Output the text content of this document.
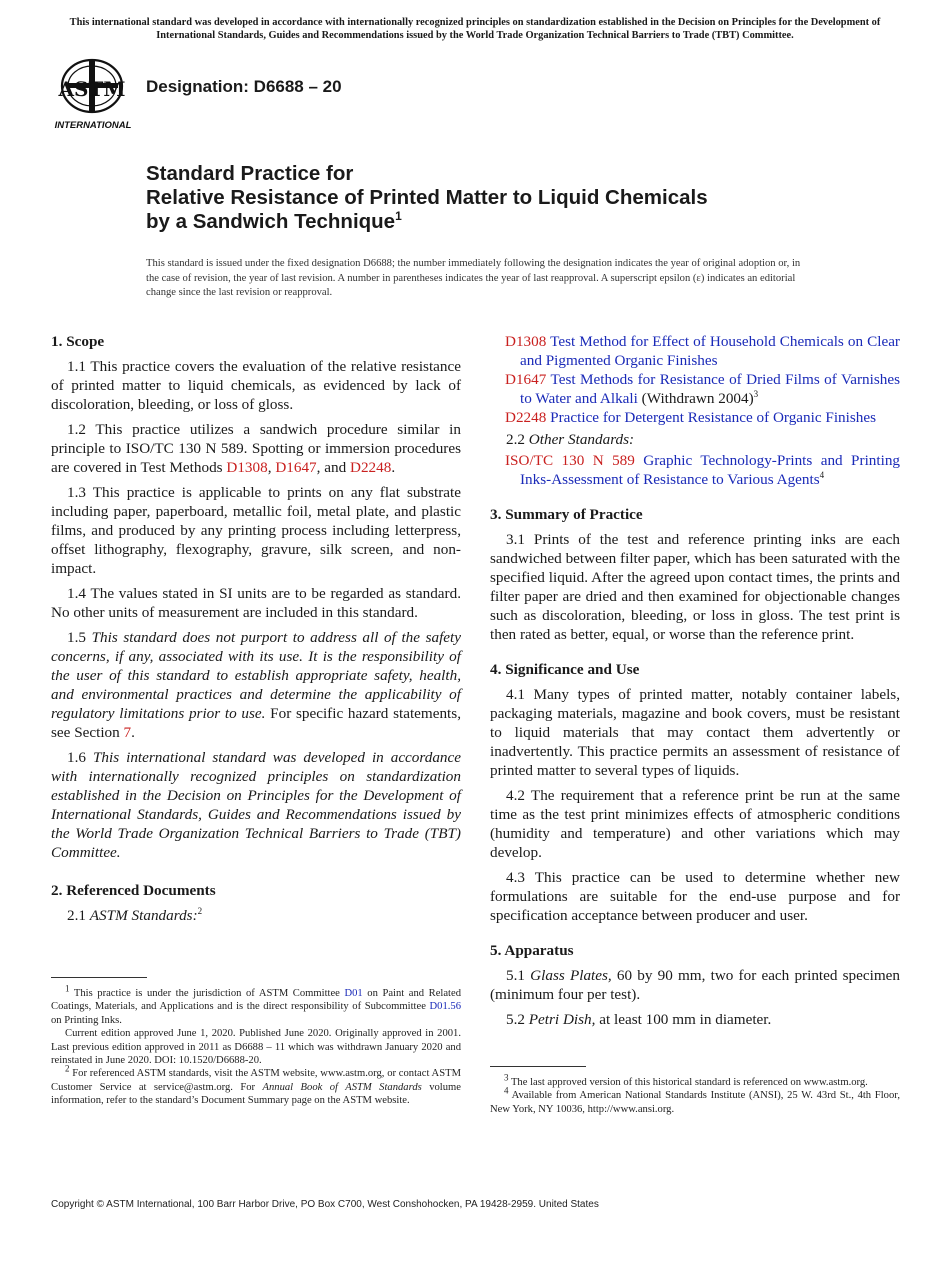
This international standard was developed in accordance with internationally recognized principles on standardization established in the Decision on Principles for the Development of International Standards, Guides and Recommendations issued by the World Trade Organization Technical Barriers to Trade (TBT) Committee.
ASTM
INTERNATIONAL
Designation: D6688 – 20
Standard Practice for
Relative Resistance of Printed Matter to Liquid Chemicals
by a Sandwich Technique$^1$
This standard is issued under the fixed designation D6688; the number immediately following the designation indicates the year of original adoption or, in the case of revision, the year of last revision. A number in parentheses indicates the year of last reapproval. A superscript epsilon (ε) indicates an editorial change since the last revision or reapproval.
1. Scope

1.1 This practice covers the evaluation of the relative resistance of printed matter to liquid chemicals, as evidenced by lack of discoloration, bleeding, or loss of gloss.

1.2 This practice utilizes a sandwich procedure similar in principle to ISO/TC 130 N 589. Spotting or immersion procedures are covered in Test Methods D1308, D1647, and D2248.

1.3 This practice is applicable to prints on any flat substrate including paper, paperboard, metallic foil, metal plate, and plastic films, and produced by any printing process including letterpress, offset lithography, flexography, gravure, silk screen, and non-impact.

1.4 The values stated in SI units are to be regarded as standard. No other units of measurement are included in this standard.

1.5 This standard does not purport to address all of the safety concerns, if any, associated with its use. It is the responsibility of the user of this standard to establish appropriate safety, health, and environmental practices and determine the applicability of regulatory limitations prior to use. For specific hazard statements, see Section 7.

1.6 This international standard was developed in accordance with internationally recognized principles on standardization established in the Decision on Principles for the Development of International Standards, Guides and Recommendations issued by the World Trade Organization Technical Barriers to Trade (TBT) Committee.

2. Referenced Documents

2.1 ASTM Standards:$^2$

D1308 Test Method for Effect of Household Chemicals on Clear and Pigmented Organic Finishes
D1647 Test Methods for Resistance of Dried Films of Varnishes to Water and Alkali (Withdrawn 2004)$^3$
D2248 Practice for Detergent Resistance of Organic Finishes

2.2 Other Standards:

ISO/TC 130 N 589 Graphic Technology-Prints and Printing Inks-Assessment of Resistance to Various Agents$^4$
3. Summary of Practice

3.1 Prints of the test and reference printing inks are each sandwiched between filter paper, which has been saturated with the specified liquid. After the agreed upon contact times, the prints and filter paper are dried and then examined for objectionable changes such as discoloration, bleeding, or loss in gloss. The test print is then rated as better, equal, or worse than the reference print.

4. Significance and Use

4.1 Many types of printed matter, notably container labels, packaging materials, magazine and book covers, must be resistant to liquid materials that may contact them advertently or inadvertently. This practice permits an assessment of resistance of printed matter to several types of liquids.

4.2 The requirement that a reference print be run at the same time as the test print minimizes effects of atmospheric conditions (humidity and temperature) and other variations which may develop.

4.3 This practice can be used to determine whether new formulations are suitable for the end-use purpose and for specification acceptance between producer and user.

5. Apparatus

5.1 Glass Plates, 60 by 90 mm, two for each printed specimen (minimum four per test).

5.2 Petri Dish, at least 100 mm in diameter.

$^1$ This practice is under the jurisdiction of ASTM Committee D01 on Paint and Related Coatings, Materials, and Applications and is the direct responsibility of Subcommittee D01.56 on Printing Inks.

Current edition approved June 1, 2020. Published June 2020. Originally approved in 2001. Last previous edition approved in 2011 as D6688 – 11 which was withdrawn January 2020 and reinstated in June 2020. DOI: 10.1520/D6688-20.

$^2$ For referenced ASTM standards, visit the ASTM website, www.astm.org, or contact ASTM Customer Service at service@astm.org. For Annual Book of ASTM Standards volume information, refer to the standard’s Document Summary page on the ASTM website.

$^3$ The last approved version of this historical standard is referenced on www.astm.org.

$^4$ Available from American National Standards Institute (ANSI), 25 W. 43rd St., 4th Floor, New York, NY 10036, http://www.ansi.org.

Copyright © ASTM International, 100 Barr Harbor Drive, PO Box C700, West Conshohocken, PA 19428-2959. United States
